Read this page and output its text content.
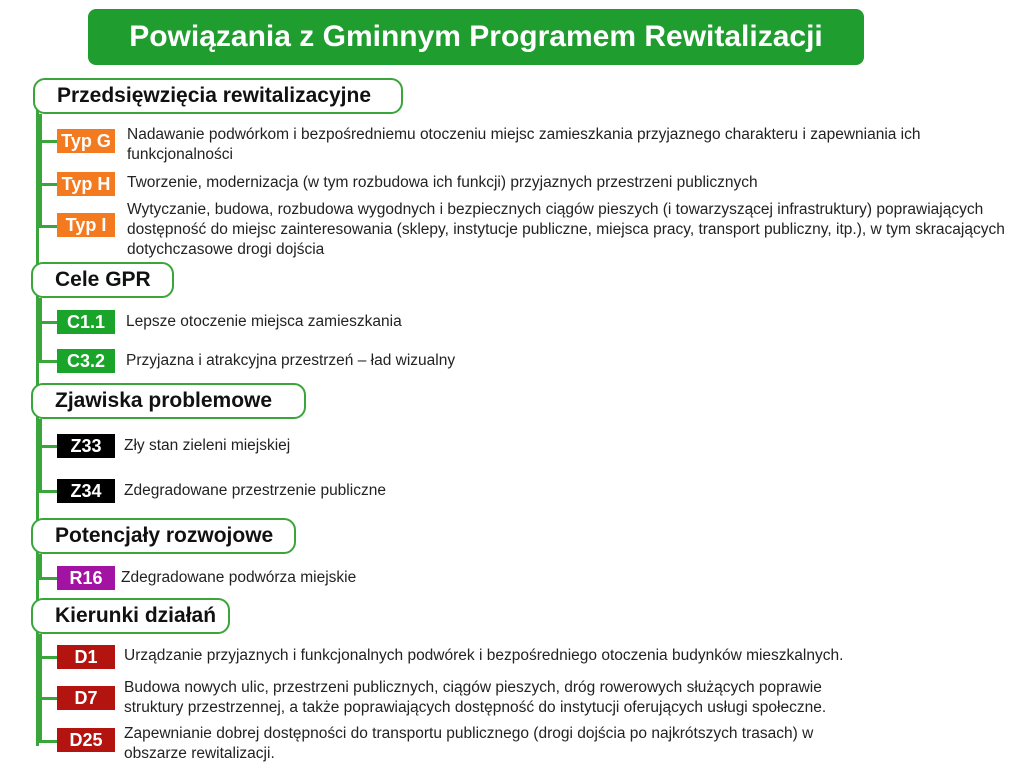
Powiązania z Gminnym Programem Rewitalizacji
Przedsięwzięcia rewitalizacyjne
Typ G Nadawanie podwórkom i bezpośredniemu otoczeniu miejsc zamieszkania przyjaznego charakteru i zapewniania ich funkcjonalności
Typ H Tworzenie, modernizacja (w tym rozbudowa ich funkcji) przyjaznych przestrzeni publicznych
Typ I
Wytyczanie, budowa, rozbudowa wygodnych i bezpiecznych ciągów pieszych (i towarzyszącej infrastruktury) poprawiających dostępność do miejsc zainteresowania (sklepy, instytucje publiczne, miejsca pracy, transport publiczny, itp.), w tym skracających dotychczasowe drogi dojścia
Cele GPR
C1.1 Lepsze otoczenie miejsca zamieszkania
C3.2 Przyjazna i atrakcyjna przestrzeń – ład wizualny
Zjawiska problemowe
Z33 Zły stan zieleni miejskiej
Z34 Zdegradowane przestrzenie publiczne
Potencjały rozwojowe
R16 Zdegradowane podwórza miejskie
Kierunki działań
D1 Urządzanie przyjaznych i funkcjonalnych podwórek i bezpośredniego otoczenia budynków mieszkalnych.
D7 Budowa nowych ulic, przestrzeni publicznych, ciągów pieszych, dróg rowerowych służących poprawie struktury przestrzennej, a także poprawiających dostępność do instytucji oferujących usługi społeczne.
D25 Zapewnianie dobrej dostępności do transportu publicznego (drogi dojścia po najkrótszych trasach) w obszarze rewitalizacji.
